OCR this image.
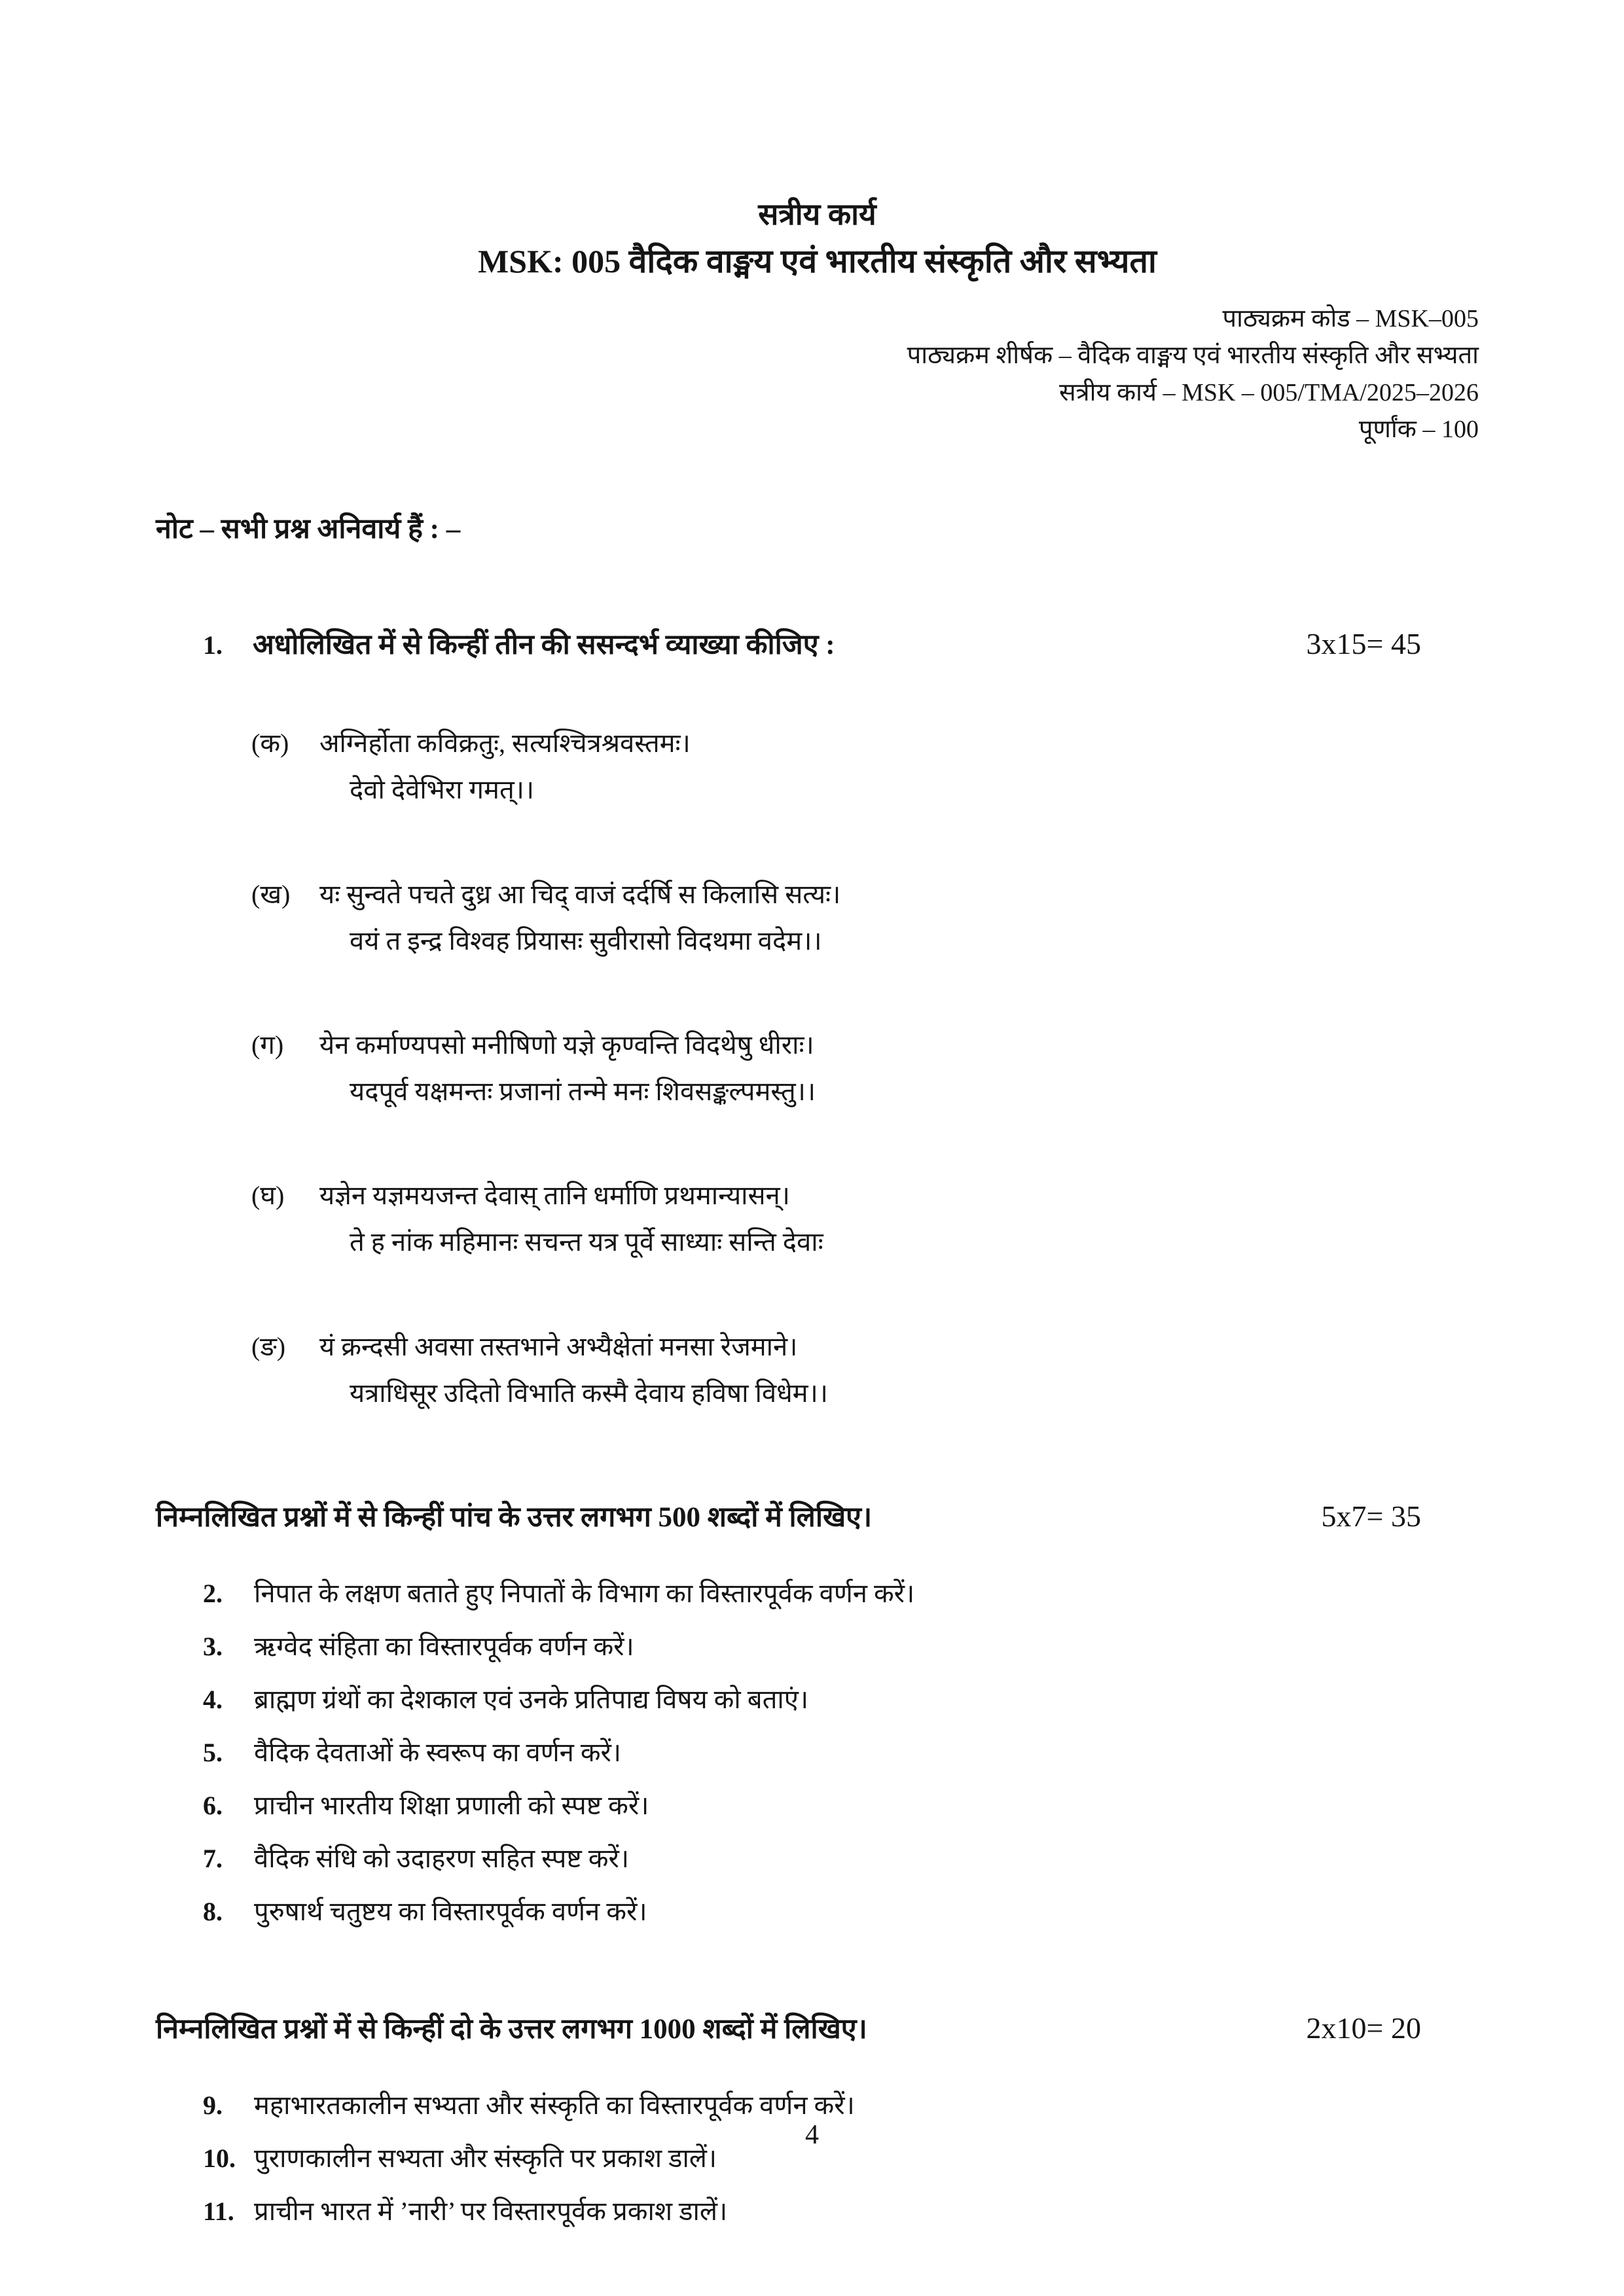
सत्रीय कार्य
MSK: 005 वैदिक वाङ्मय एवं भारतीय संस्कृति और सभ्यता
पाठ्यक्रम कोड – MSK–005
पाठ्यक्रम शीर्षक – वैदिक वाङ्मय एवं भारतीय संस्कृति और सभ्यता
सत्रीय कार्य – MSK – 005/TMA/2025–2026
पूर्णांक – 100
नोट – सभी प्रश्न अनिवार्य हैं : –
1.	अधोलिखित में से किन्हीं तीन की ससन्दर्भ व्याख्या कीजिए :	3x15= 45
(क)	अग्निर्होता कविक्रतुः, सत्यश्चित्रश्रवस्तमः।
देवो देवेभिरा गमत्।।
(ख)	यः सुन्वते पचते दुध्र आ चिद् वाजं दर्दर्षि स किलासि सत्यः।
वयं त इन्द्र विश्वह प्रियासः सुवीरासो विदथमा वदेम।।
(ग)	येन कर्माण्यपसो मनीषिणो यज्ञे कृण्वन्ति विदथेषु धीराः।
यदपूर्व यक्षमन्तः प्रजानां तन्मे मनः शिवसङ्कल्पमस्तु।।
(घ)	यज्ञेन यज्ञमयजन्त देवास् तानि धर्माणि प्रथमान्यासन्।
ते ह नांक महिमानः सचन्त यत्र पूर्वे साध्याः सन्ति देवाः
(ङ)	यं क्रन्दसी अवसा तस्तभाने अभ्यैक्षेतां मनसा रेजमाने।
यत्राधिसूर उदितो विभाति कस्मै देवाय हविषा विधेम।।
निम्नलिखित प्रश्नों में से किन्हीं पांच के उत्तर लगभग 500 शब्दों में लिखिए।	5x7= 35
2.	निपात के लक्षण बताते हुए निपातों के विभाग का विस्तारपूर्वक वर्णन करें।
3.	ऋग्वेद संहिता का विस्तारपूर्वक वर्णन करें।
4.	ब्राह्मण ग्रंथों का देशकाल एवं उनके प्रतिपाद्य विषय को बताएं।
5.	वैदिक देवताओं के स्वरूप का वर्णन करें।
6.	प्राचीन भारतीय शिक्षा प्रणाली को स्पष्ट करें।
7.	वैदिक संधि को उदाहरण सहित स्पष्ट करें।
8.	पुरुषार्थ चतुष्टय का विस्तारपूर्वक वर्णन करें।
निम्नलिखित प्रश्नों में से किन्हीं दो के उत्तर लगभग 1000 शब्दों में लिखिए।	2x10= 20
9.	महाभारतकालीन सभ्यता और संस्कृति का विस्तारपूर्वक वर्णन करें।
10. पुराणकालीन सभ्यता और संस्कृति पर प्रकाश डालें।
11. प्राचीन भारत में ’नारी’ पर विस्तारपूर्वक प्रकाश डालें।
4
